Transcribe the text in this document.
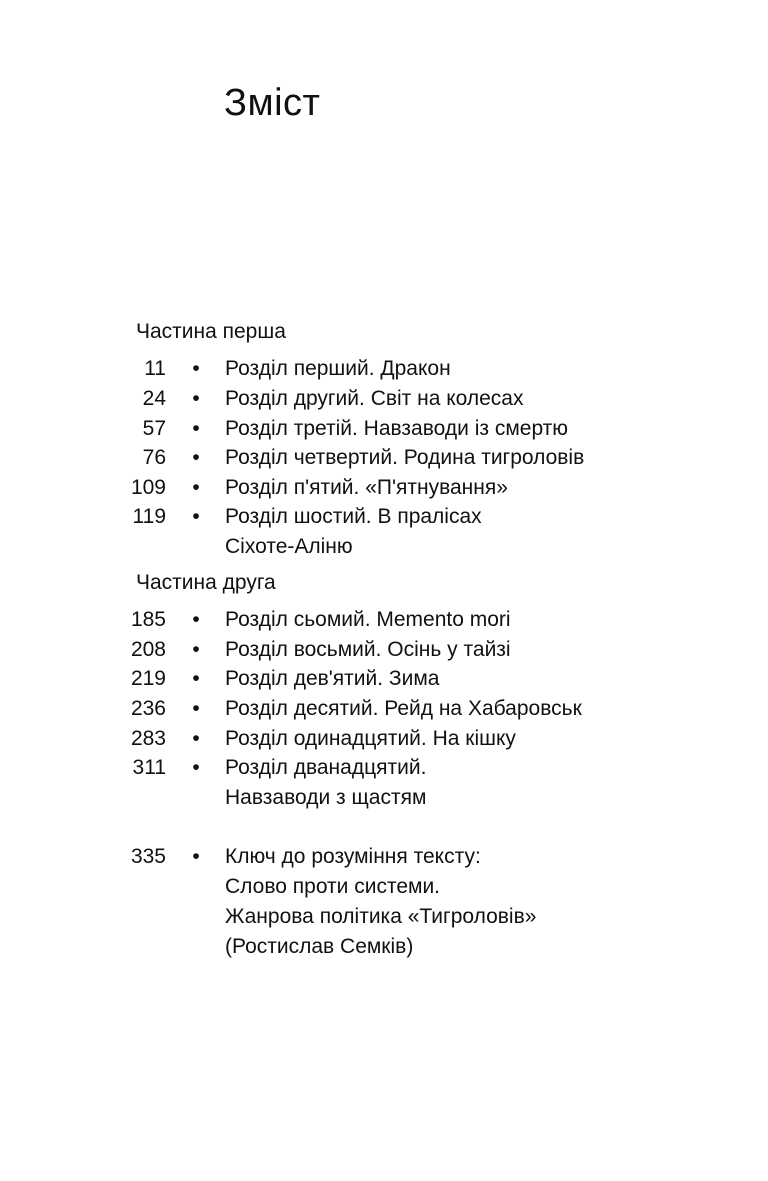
Зміст
Частина перша
11 • Розділ перший. Дракон
24 • Розділ другий. Світ на колесах
57 • Розділ третій. Навзаводи із смертю
76 • Розділ четвертий. Родина тигроловів
109 • Розділ п'ятий. «П'ятнування»
119 • Розділ шостий. В пралісах
Сіхоте-Аліню
Частина друга
185 • Розділ сьомий. Memento mori
208 • Розділ восьмий. Осінь у тайзі
219 • Розділ дев'ятий. Зима
236 • Розділ десятий. Рейд на Хабаровськ
283 • Розділ одинадцятий. На кішку
311 • Розділ дванадцятий.
Навзаводи з щастям
335 • Ключ до розуміння тексту:
Слово проти системи.
Жанрова політика «Тигроловів»
(Ростислав Семків)
